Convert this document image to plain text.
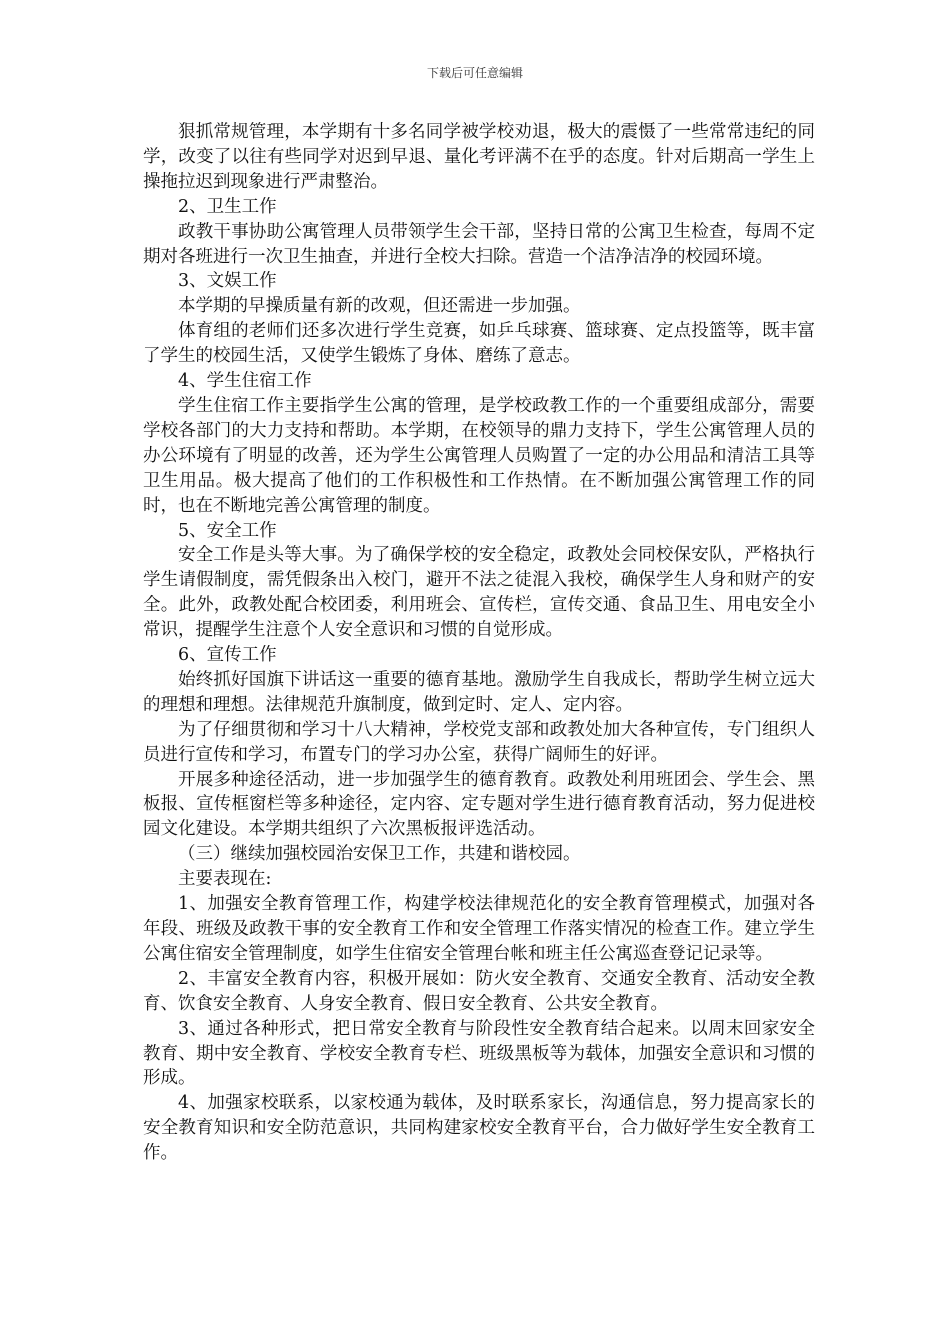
下载后可任意编辑

狠抓常规管理，本学期有十多名同学被学校劝退，极大的震慑了一些常常违纪的同学，改变了以往有些同学对迟到早退、量化考评满不在乎的态度。针对后期高一学生上操拖拉迟到现象进行严肃整治。

2、卫生工作

政教干事协助公寓管理人员带领学生会干部，坚持日常的公寓卫生检查，每周不定期对各班进行一次卫生抽查，并进行全校大扫除。营造一个洁净洁净的校园环境。

3、文娱工作

本学期的早操质量有新的改观，但还需进一步加强。

体育组的老师们还多次进行学生竞赛，如乒乓球赛、篮球赛、定点投篮等，既丰富了学生的校园生活，又使学生锻炼了身体、磨练了意志。

4、学生住宿工作

学生住宿工作主要指学生公寓的管理，是学校政教工作的一个重要组成部分，需要学校各部门的大力支持和帮助。本学期，在校领导的鼎力支持下，学生公寓管理人员的办公环境有了明显的改善，还为学生公寓管理人员购置了一定的办公用品和清洁工具等卫生用品。极大提高了他们的工作积极性和工作热情。在不断加强公寓管理工作的同时，也在不断地完善公寓管理的制度。

5、安全工作

安全工作是头等大事。为了确保学校的安全稳定，政教处会同校保安队，严格执行学生请假制度，需凭假条出入校门，避开不法之徒混入我校，确保学生人身和财产的安全。此外，政教处配合校团委，利用班会、宣传栏，宣传交通、食品卫生、用电安全小常识，提醒学生注意个人安全意识和习惯的自觉形成。

6、宣传工作

始终抓好国旗下讲话这一重要的德育基地。激励学生自我成长，帮助学生树立远大的理想和理想。法律规范升旗制度，做到定时、定人、定内容。

为了仔细贯彻和学习十八大精神，学校党支部和政教处加大各种宣传，专门组织人员进行宣传和学习，布置专门的学习办公室，获得广阔师生的好评。

开展多种途径活动，进一步加强学生的德育教育。政教处利用班团会、学生会、黑板报、宣传框窗栏等多种途径，定内容、定专题对学生进行德育教育活动，努力促进校园文化建设。本学期共组织了六次黑板报评选活动。

（三）继续加强校园治安保卫工作，共建和谐校园。

主要表现在:

1、加强安全教育管理工作，构建学校法律规范化的安全教育管理模式，加强对各年段、班级及政教干事的安全教育工作和安全管理工作落实情况的检查工作。建立学生公寓住宿安全管理制度，如学生住宿安全管理台帐和班主任公寓巡查登记记录等。

2、丰富安全教育内容，积极开展如：防火安全教育、交通安全教育、活动安全教育、饮食安全教育、人身安全教育、假日安全教育、公共安全教育。

3、通过各种形式，把日常安全教育与阶段性安全教育结合起来。以周末回家安全教育、期中安全教育、学校安全教育专栏、班级黑板等为载体，加强安全意识和习惯的形成。

4、加强家校联系，以家校通为载体，及时联系家长，沟通信息，努力提高家长的安全教育知识和安全防范意识，共同构建家校安全教育平台，合力做好学生安全教育工作。
